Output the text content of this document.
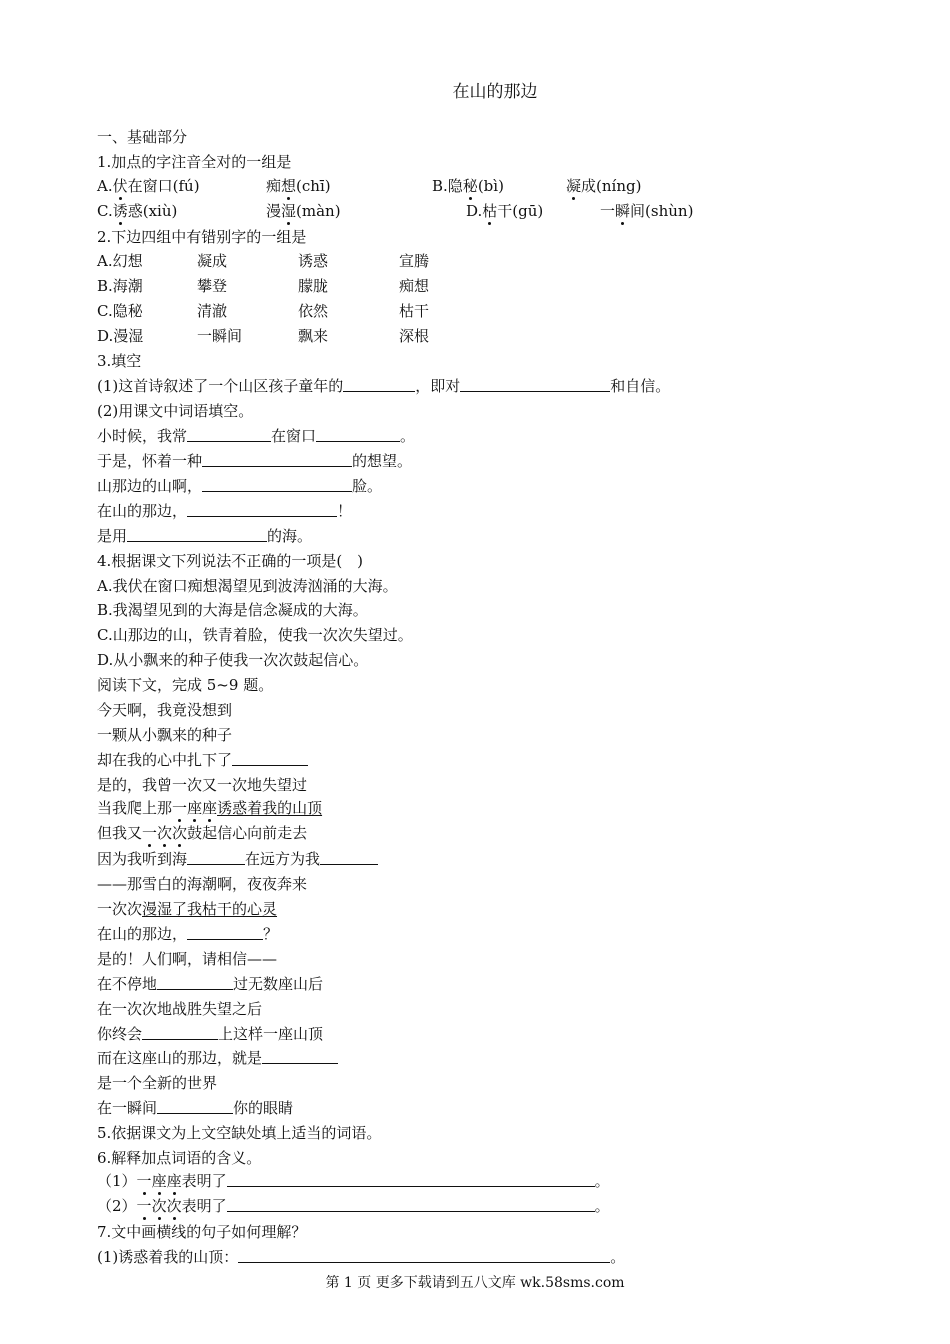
在山的那边
一、基础部分
1.加点的字注音全对的一组是
A.伏在窗口(fú)	痴想(chī)	B.隐秘(bì)	凝成(níng)
C.诱惑(xiù)	漫湿(màn)	D.枯干(gū)	一瞬间(shùn)
2.下边四组中有错别字的一组是
A.幻想	凝成	诱惑	宣腾
B.海潮	攀登	朦胧	痴想
C.隐秘	清澈	依然	枯干
D.漫湿	一瞬间	飘来	深根
3.填空
(1)这首诗叙述了一个山区孩子童年的	，即对	和自信。
(2)用课文中词语填空。
小时候，我常	在窗口	。
于是，怀着一种	的想望。
山那边的山啊，	脸。
在山的那边，	！
是用	的海。
4.根据课文下列说法不正确的一项是(　)
A.我伏在窗口痴想渴望见到波涛汹涌的大海。
B.我渴望见到的大海是信念凝成的大海。
C.山那边的山，铁青着脸，使我一次次失望过。
D.从小飘来的种子使我一次次鼓起信心。
阅读下文，完成 5~9 题。
今天啊，我竟没想到
一颗从小飘来的种子
却在我的心中扎下了
是的，我曾一次又一次地失望过
当我爬上那一座座诱惑着我的山顶
但我又一次次鼓起信心向前走去
因为我听到海	在远方为我
——那雪白的海潮啊，夜夜奔来
一次次漫湿了我枯干的心灵
在山的那边，	？
是的！人们啊，请相信——
在不停地	过无数座山后
在一次次地战胜失望之后
你终会	上这样一座山顶
而在这座山的那边，就是
是一个全新的世界
在一瞬间	你的眼睛
5.依据课文为上文空缺处填上适当的词语。
6.解释加点词语的含义。
（1）一座座表明了	。
（2）一次次表明了	。
7.文中画横线的句子如何理解？
(1)诱惑着我的山顶：	。
第 1 页 更多下载请到五八文库 wk.58sms.com
